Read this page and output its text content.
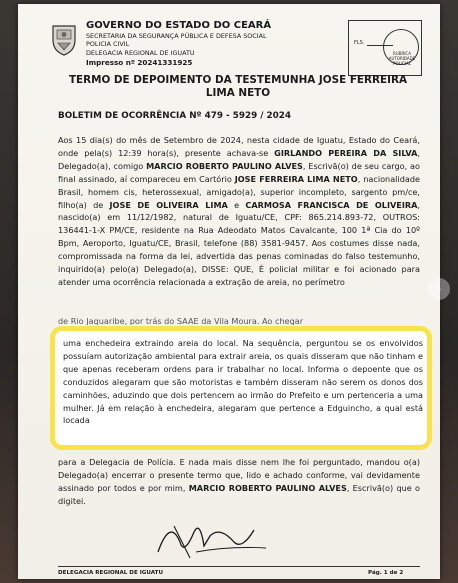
GOVERNO DO ESTADO DO CEARÁ
SECRETARIA DA SEGURANÇA PÚBLICA E DEFESA SOCIAL
POLICIA CIVIL
DELEGACIA REGIONAL DE IGUATU
Impresso nº 20241331925
FLS.
RUBRICA AUTORIDADE POLICIAL
TERMO DE DEPOIMENTO DA TESTEMUNHA JOSE FERREIRA LIMA NETO
BOLETIM DE OCORRÊNCIA Nº 479 - 5929 / 2024

Aos 15 dia(s) do mês de Setembro de 2024, nesta cidade de Iguatu, Estado do Ceará, onde pela(s) 12:39 hora(s), presente achava-se GIRLANDO PEREIRA DA SILVA, Delegado(a), comigo MARCIO ROBERTO PAULINO ALVES, Escrivã(o) de seu cargo, ao final assinado, aí compareceu em Cartório JOSE FERREIRA LIMA NETO, nacionalidade Brasil, homem cis, heterossexual, amigado(a), superior incompleto, sargento pm/ce, filho(a) de JOSE DE OLIVEIRA LIMA e CARMOSA FRANCISCA DE OLIVEIRA, nascido(a) em 11/12/1982, natural de Iguatu/CE, CPF: 865.214.893-72, OUTROS: 136441-1-X PM/CE, residente na Rua Adeodato Matos Cavalcante, 100 1ª Cia do 10º Bpm, Aeroporto, Iguatu/CE, Brasil, telefone (88) 3581-9457. Aos costumes disse nada, compromissada na forma da lei, advertida das penas cominadas do falso testemunho, inquirido(a) pelo(a) Delegado(a), DISSE: QUE, É policial militar e foi acionado para atender uma ocorrência relacionada a extração de areia, no perímetro

de Rio Jaguaribe, por trás do SAAE da Vila Moura. Ao chegar
uma enchedeira extraindo areia do local. Na sequência, perguntou se os envolvidos possuíam autorização ambiental para extrair areia, os quais disseram que não tinham e que apenas receberam ordens para ir trabalhar no local. Informa o depoente que os conduzidos alegaram que são motoristas e também disseram não serem os donos dos caminhões, aduzindo que dois pertencem ao irmão do Prefeito e um pertenceria a uma mulher. Já em relação à enchedeira, alegaram que pertence a Edguincho, a qual está locada
para a Delegacia de Polícia. E nada mais disse nem lhe foi perguntado, mandou o(a) Delegado(a) encerrar o presente termo que, lido e achado conforme, vai devidamente assinado por todos e por mim, MARCIO ROBERTO PAULINO ALVES, Escrivã(o) que o digitei.
DELEGACIA REGIONAL DE IGUATU	Pág. 1 de 2
›
